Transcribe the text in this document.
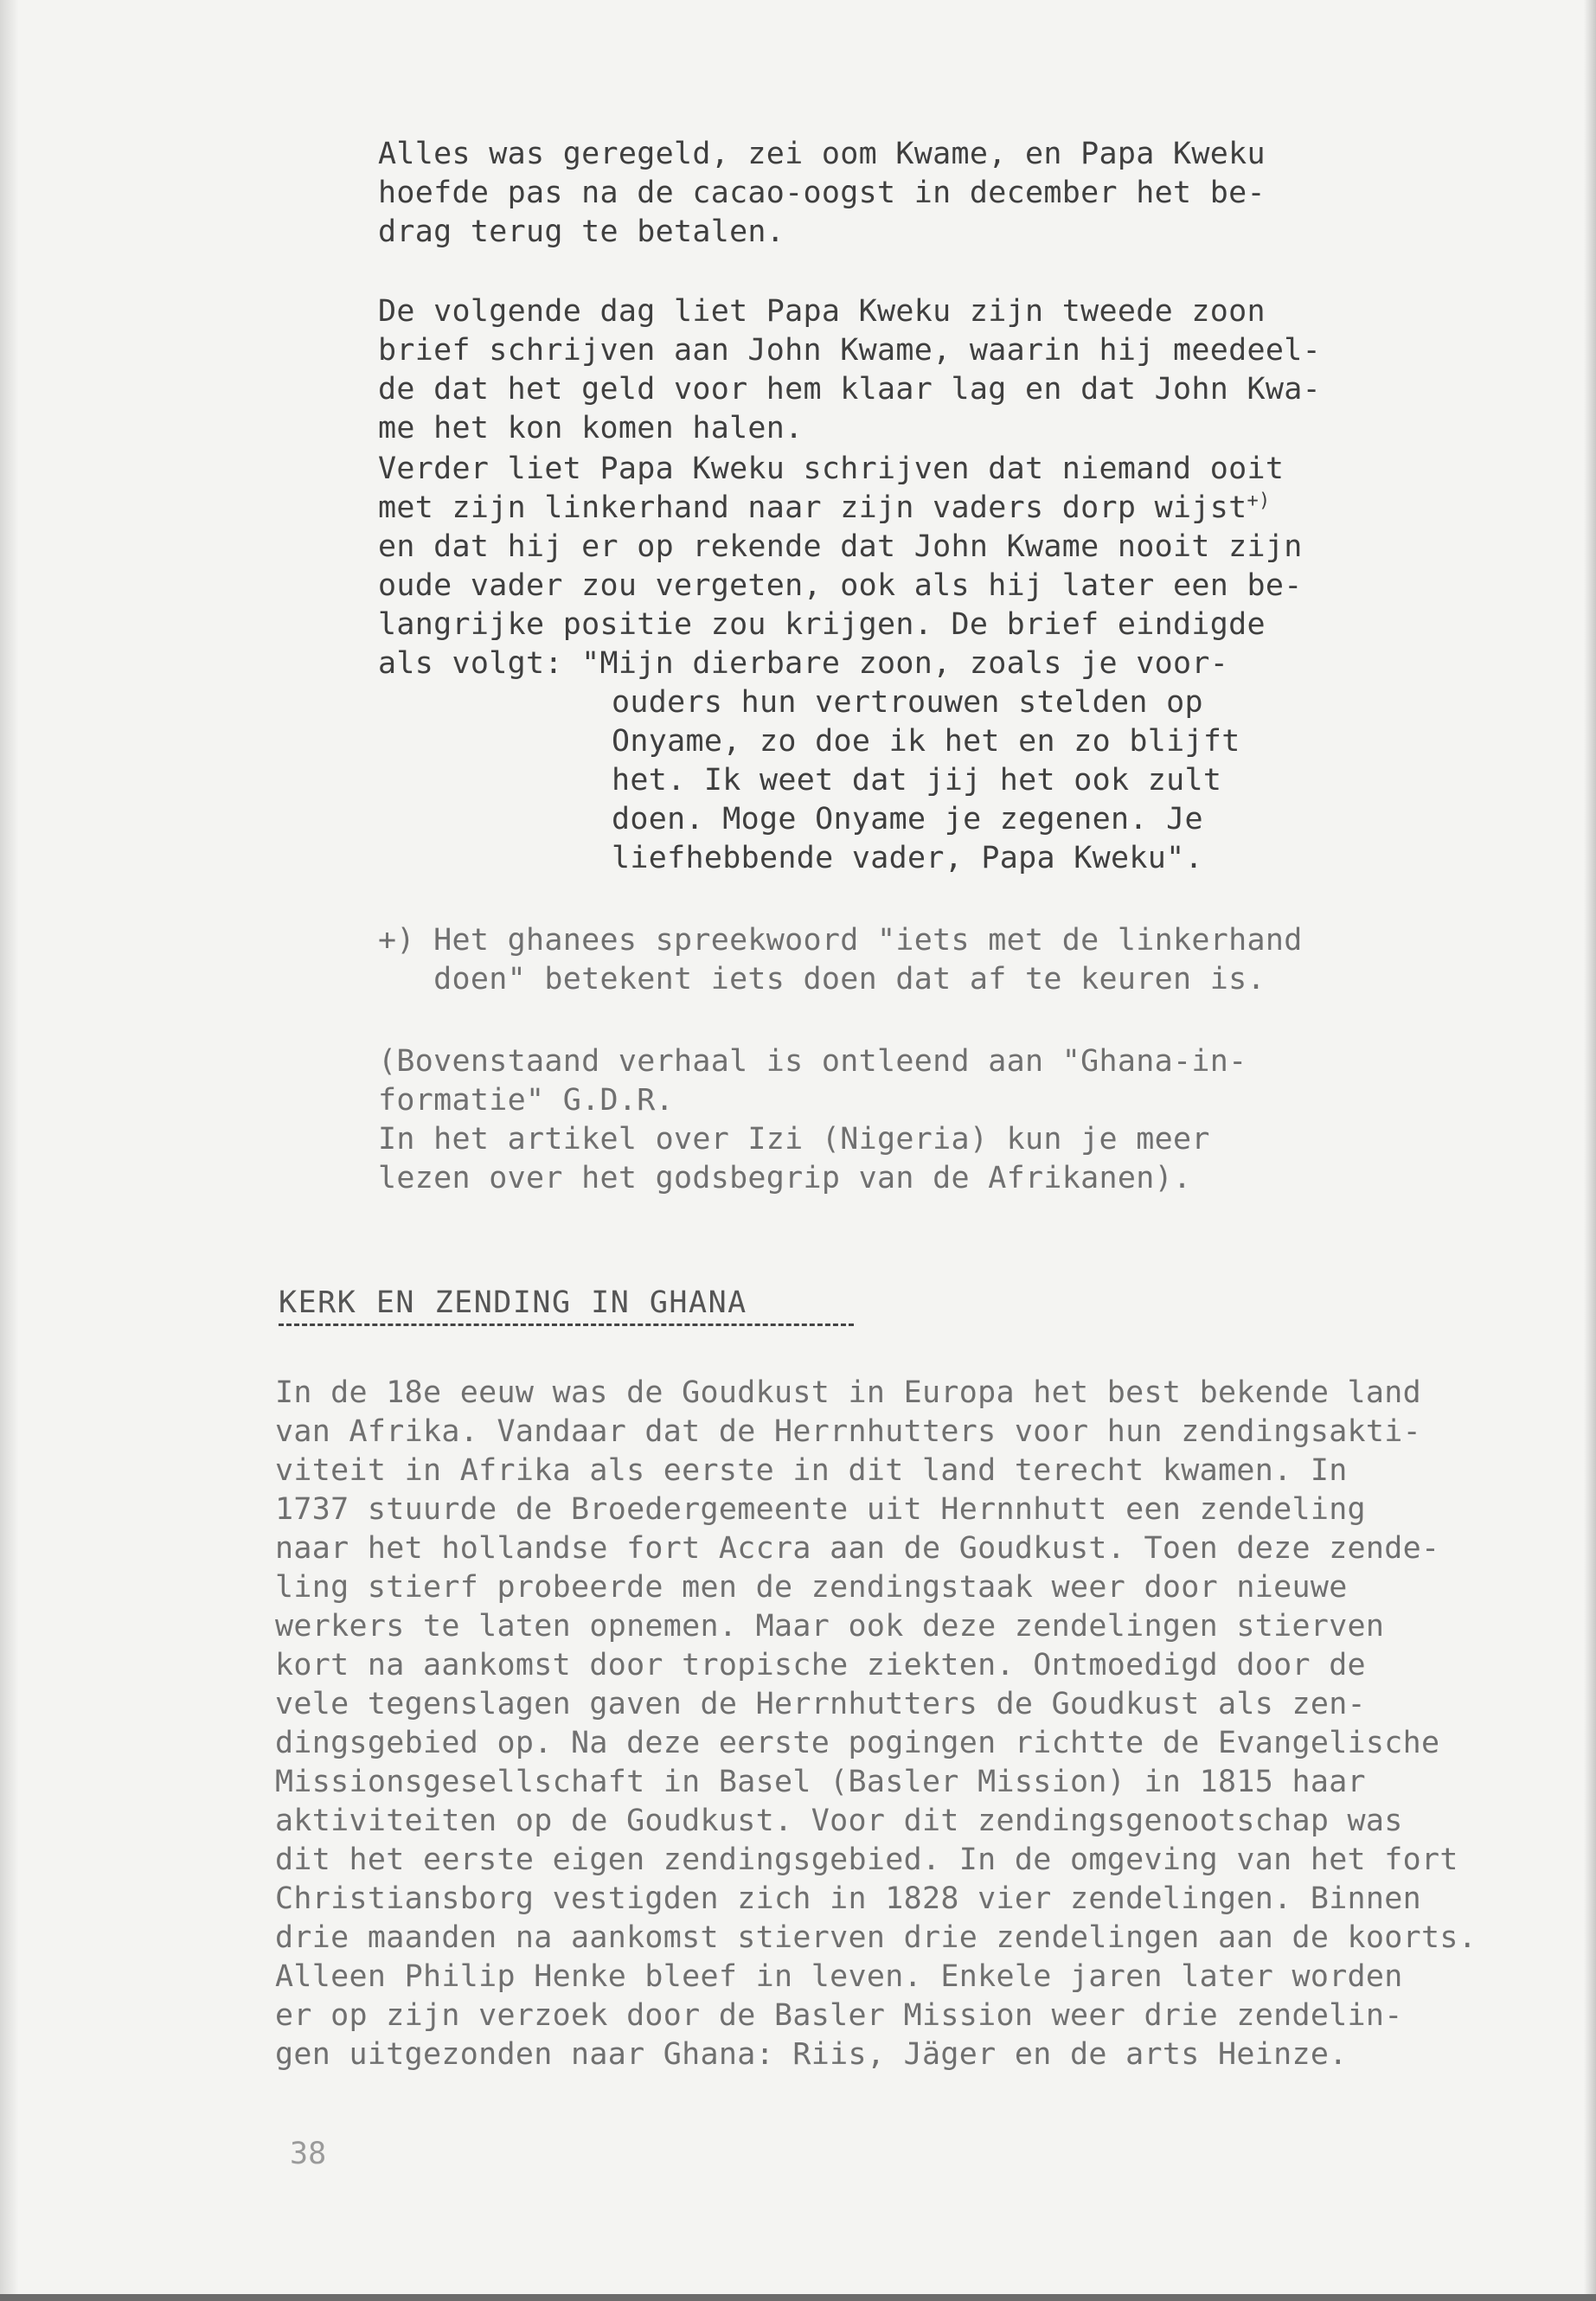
Alles was geregeld, zei oom Kwame, en Papa Kweku
hoefde pas na de cacao-oogst in december het be-
drag terug te betalen.
De volgende dag liet Papa Kweku zijn tweede zoon
brief schrijven aan John Kwame, waarin hij meedeel-
de dat het geld voor hem klaar lag en dat John Kwa-
me het kon komen halen.
Verder liet Papa Kweku schrijven dat niemand ooit
met zijn linkerhand naar zijn vaders dorp wijst+)
en dat hij er op rekende dat John Kwame nooit zijn
oude vader zou vergeten, ook als hij later een be-
langrijke positie zou krijgen. De brief eindigde
als volgt: "Mijn dierbare zoon, zoals je voor-
ouders hun vertrouwen stelden op
Onyame, zo doe ik het en zo blijft
het. Ik weet dat jij het ook zult
doen. Moge Onyame je zegenen. Je
liefhebbende vader, Papa Kweku".
+) Het ghanees spreekwoord "iets met de linkerhand
doen" betekent iets doen dat af te keuren is.
(Bovenstaand verhaal is ontleend aan "Ghana-in-
formatie" G.D.R.
In het artikel over Izi (Nigeria) kun je meer
lezen over het godsbegrip van de Afrikanen).
KERK EN ZENDING IN GHANA
In de 18e eeuw was de Goudkust in Europa het best bekende land
van Afrika. Vandaar dat de Herrnhutters voor hun zendingsakti-
viteit in Afrika als eerste in dit land terecht kwamen. In
1737 stuurde de Broedergemeente uit Hernnhutt een zendeling
naar het hollandse fort Accra aan de Goudkust. Toen deze zende-
ling stierf probeerde men de zendingstaak weer door nieuwe
werkers te laten opnemen. Maar ook deze zendelingen stierven
kort na aankomst door tropische ziekten. Ontmoedigd door de
vele tegenslagen gaven de Herrnhutters de Goudkust als zen-
dingsgebied op. Na deze eerste pogingen richtte de Evangelische
Missionsgesellschaft in Basel (Basler Mission) in 1815 haar
aktiviteiten op de Goudkust. Voor dit zendingsgenootschap was
dit het eerste eigen zendingsgebied. In de omgeving van het fort
Christiansborg vestigden zich in 1828 vier zendelingen. Binnen
drie maanden na aankomst stierven drie zendelingen aan de koorts.
Alleen Philip Henke bleef in leven. Enkele jaren later worden
er op zijn verzoek door de Basler Mission weer drie zendelin-
gen uitgezonden naar Ghana: Riis, Jäger en de arts Heinze.
38
